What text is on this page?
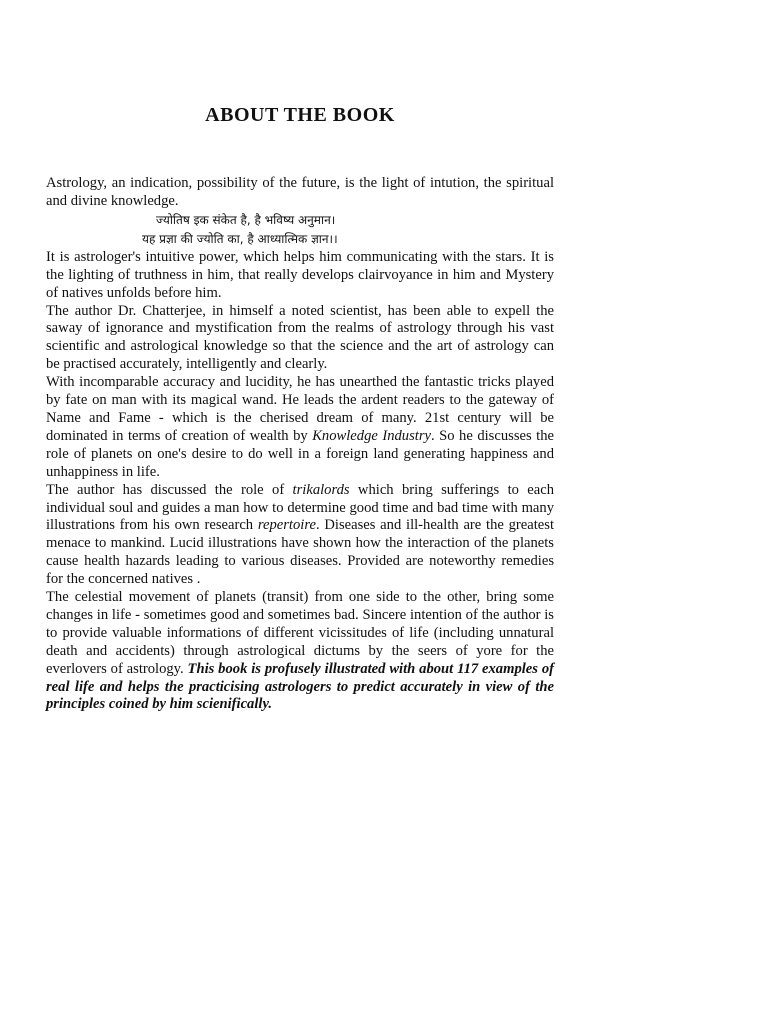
ABOUT THE BOOK

Astrology, an indication, possibility of the future, is the light of intution, the spiritual and divine knowledge.

ज्योतिष इक संकेत है, है भविष्य अनुमान।

यह प्रज्ञा की ज्योति का, है आध्यात्मिक ज्ञान।।

It is astrologer's intuitive power, which helps him communicating with the stars. It is the lighting of truthness in him, that really develops clairvoyance in him and Mystery of natives unfolds before him.

The author Dr. Chatterjee, in himself a noted scientist, has been able to expell the saway of ignorance and mystification from the realms of astrology through his vast scientific and astrological knowledge so that the science and the art of astrology can be practised accurately, intelligently and clearly.

With incomparable accuracy and lucidity, he has unearthed the fantastic tricks played by fate on man with its magical wand. He leads the ardent readers to the gateway of Name and Fame - which is the cherised dream of many. 21st century will be dominated in terms of creation of wealth by Knowledge Industry. So he discusses the role of planets on one's desire to do well in a foreign land generating happiness and unhappiness in life.

The author has discussed the role of trikalords which bring sufferings to each individual soul and guides a man how to determine good time and bad time with many illustrations from his own research repertoire. Diseases and ill-health are the greatest menace to mankind. Lucid illustrations have shown how the interaction of the planets cause health hazards leading to various diseases. Provided are noteworthy remedies for the concerned natives .

The celestial movement of planets (transit) from one side to the other, bring some changes in life - sometimes good and sometimes bad. Sincere intention of the author is to provide valuable informations of different vicissitudes of life (including unnatural death and accidents) through astrological dictums by the seers of yore for the everlovers of astrology. This book is profusely illustrated with about 117 examples of real life and helps the practicising astrologers to predict accurately in view of the principles coined by him scienifically.
